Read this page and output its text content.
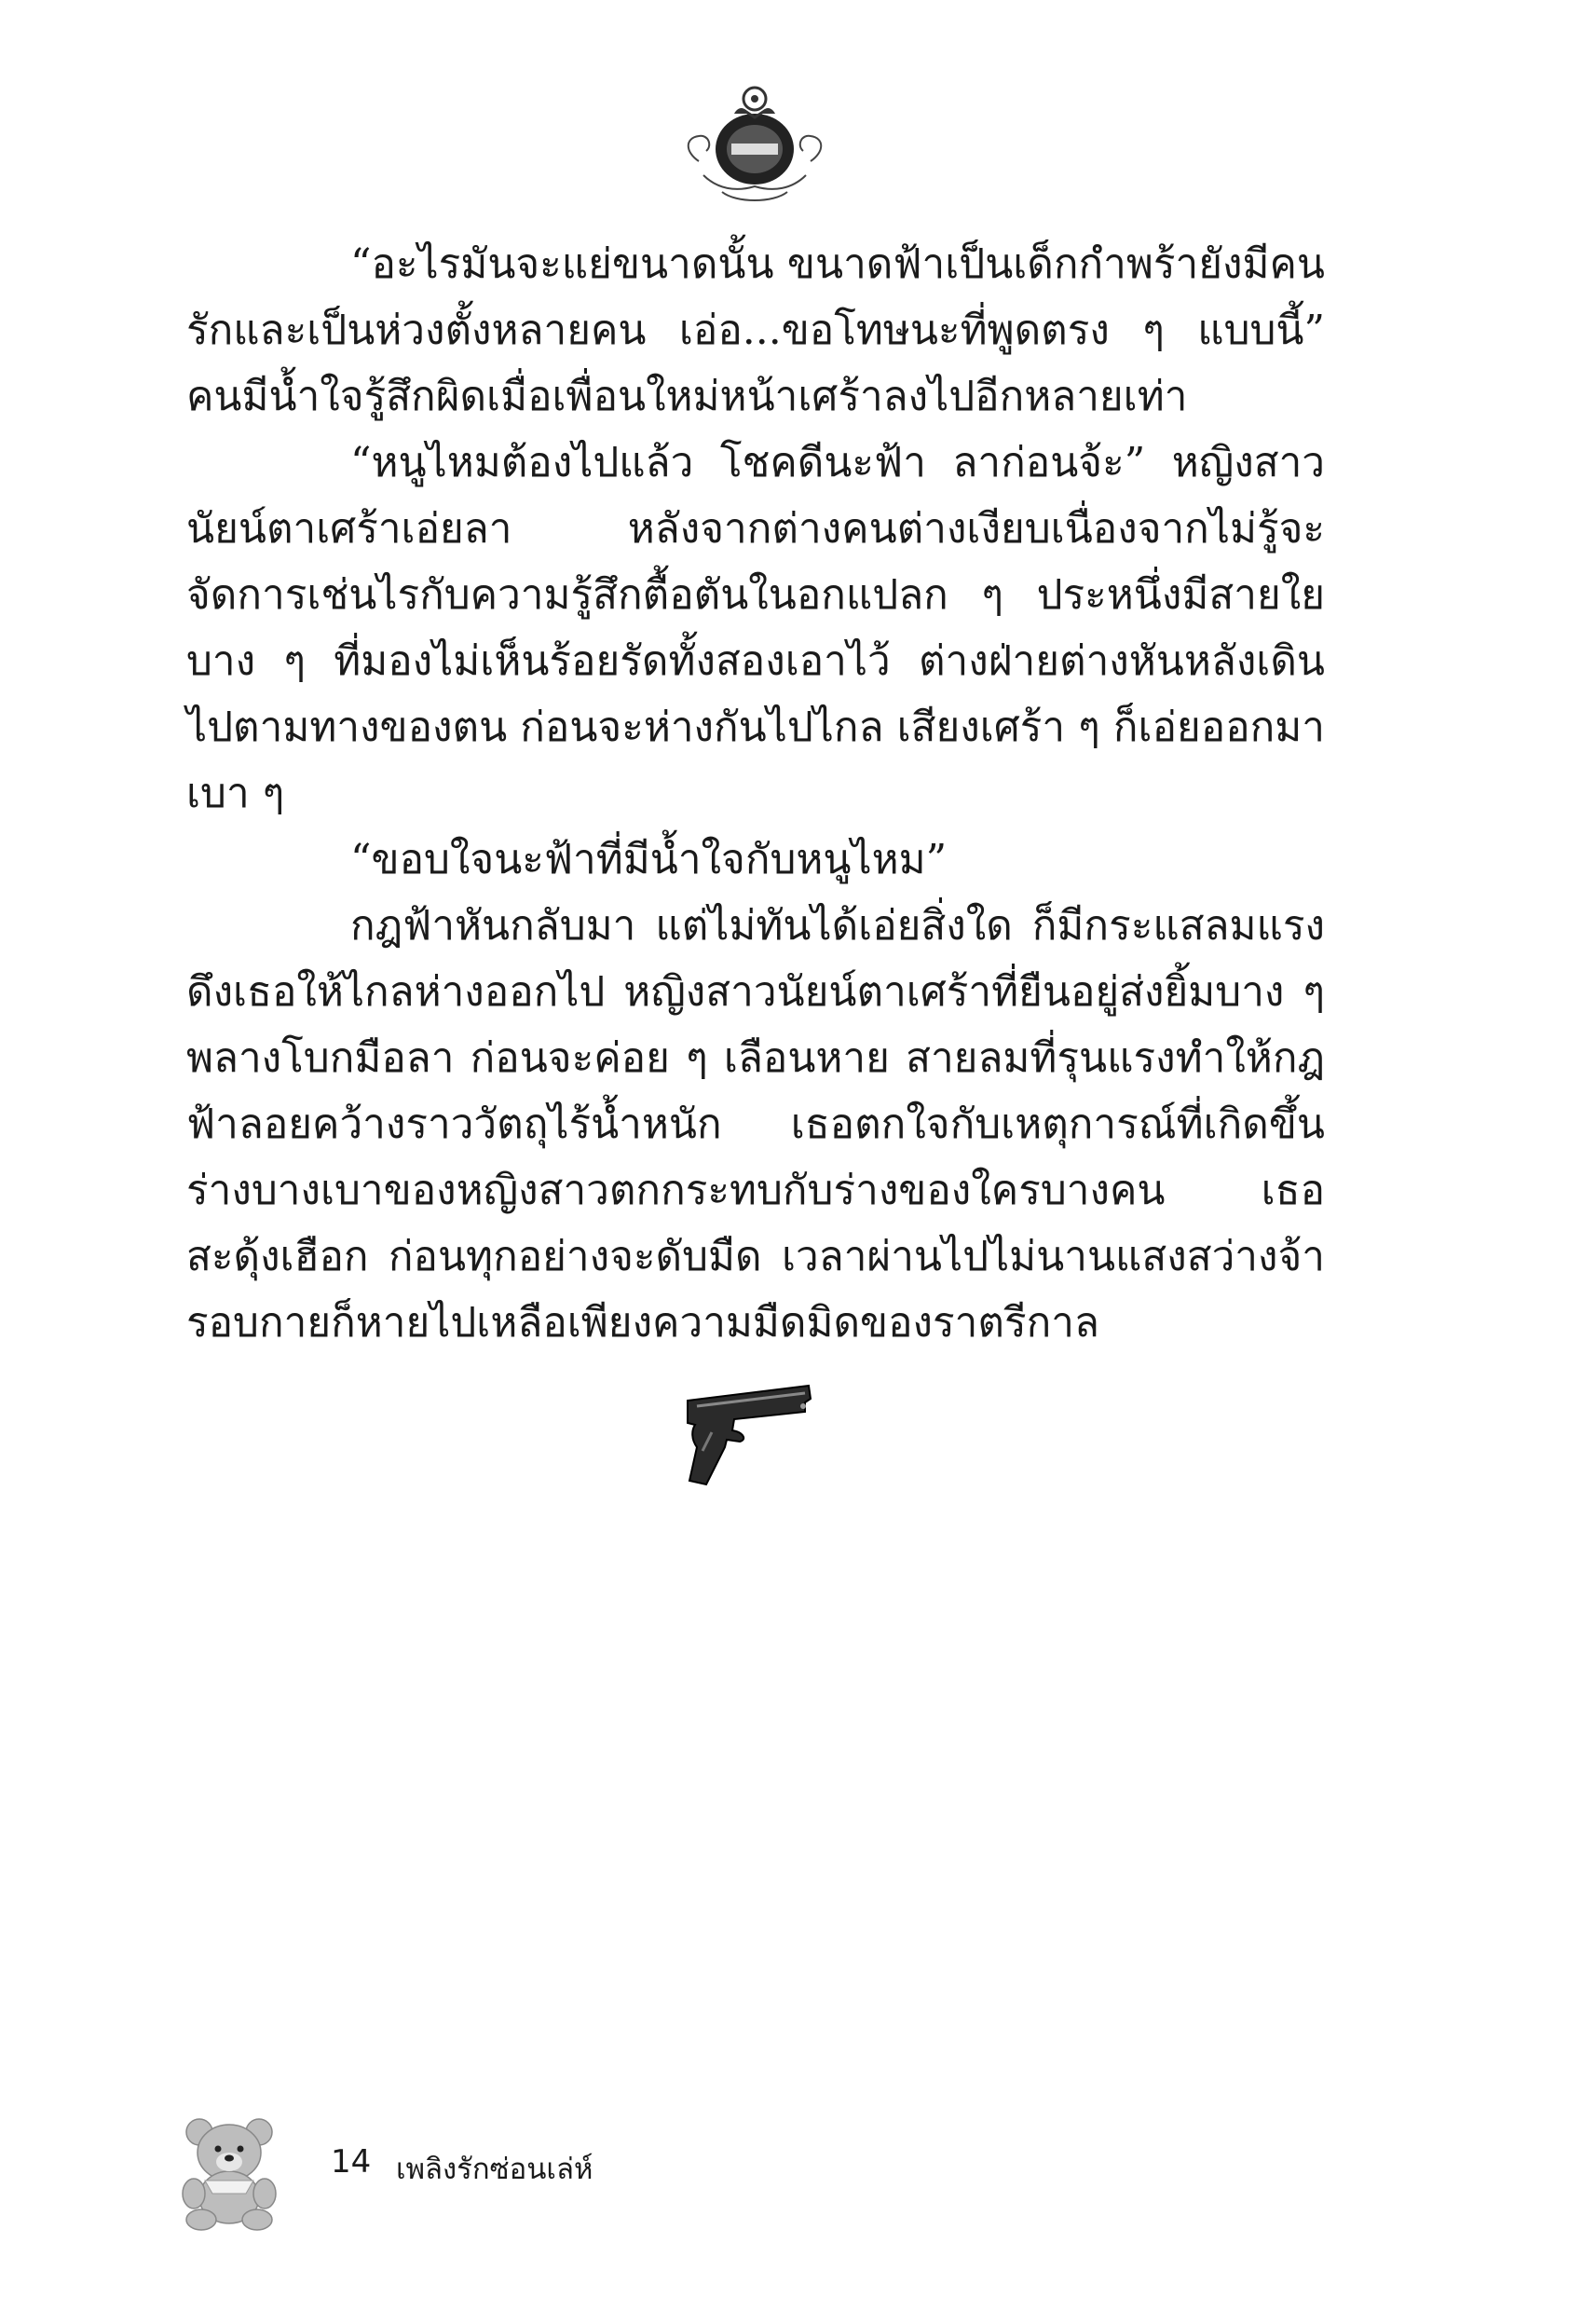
“อะไรมันจะแย่ขนาดนั้น ขนาดฟ้าเป็นเด็กกำพร้ายังมีคนรักและเป็นห่วงตั้งหลายคน เอ่อ...ขอโทษนะที่พูดตรง ๆ แบบนี้” คนมีน้ำใจรู้สึกผิดเมื่อเพื่อนใหม่หน้าเศร้าลงไปอีกหลายเท่า

“หนูไหมต้องไปแล้ว โชคดีนะฟ้า ลาก่อนจ้ะ” หญิงสาวนัยน์ตาเศร้าเอ่ยลา หลังจากต่างคนต่างเงียบเนื่องจากไม่รู้จะจัดการเช่นไรกับความรู้สึกตื้อตันในอกแปลก ๆ ประหนึ่งมีสายใยบาง ๆ ที่มองไม่เห็นร้อยรัดทั้งสองเอาไว้ ต่างฝ่ายต่างหันหลังเดินไปตามทางของตน ก่อนจะห่างกันไปไกล เสียงเศร้า ๆ ก็เอ่ยออกมาเบา ๆ

“ขอบใจนะฟ้าที่มีน้ำใจกับหนูไหม”

กฎฟ้าหันกลับมา แต่ไม่ทันได้เอ่ยสิ่งใด ก็มีกระแสลมแรงดึงเธอให้ไกลห่างออกไป หญิงสาวนัยน์ตาเศร้าที่ยืนอยู่ส่งยิ้มบาง ๆ พลางโบกมือลา ก่อนจะค่อย ๆ เลือนหาย สายลมที่รุนแรงทำให้กฎฟ้าลอยคว้างราววัตถุไร้น้ำหนัก เธอตกใจกับเหตุการณ์ที่เกิดขึ้น ร่างบางเบาของหญิงสาวตกกระทบกับร่างของใครบางคน เธอสะดุ้งเฮือก ก่อนทุกอย่างจะดับมืด เวลาผ่านไปไม่นานแสงสว่างจ้ารอบกายก็หายไปเหลือเพียงความมืดมิดของราตรีกาล

14 เพลิงรักซ่อนเล่ห์
